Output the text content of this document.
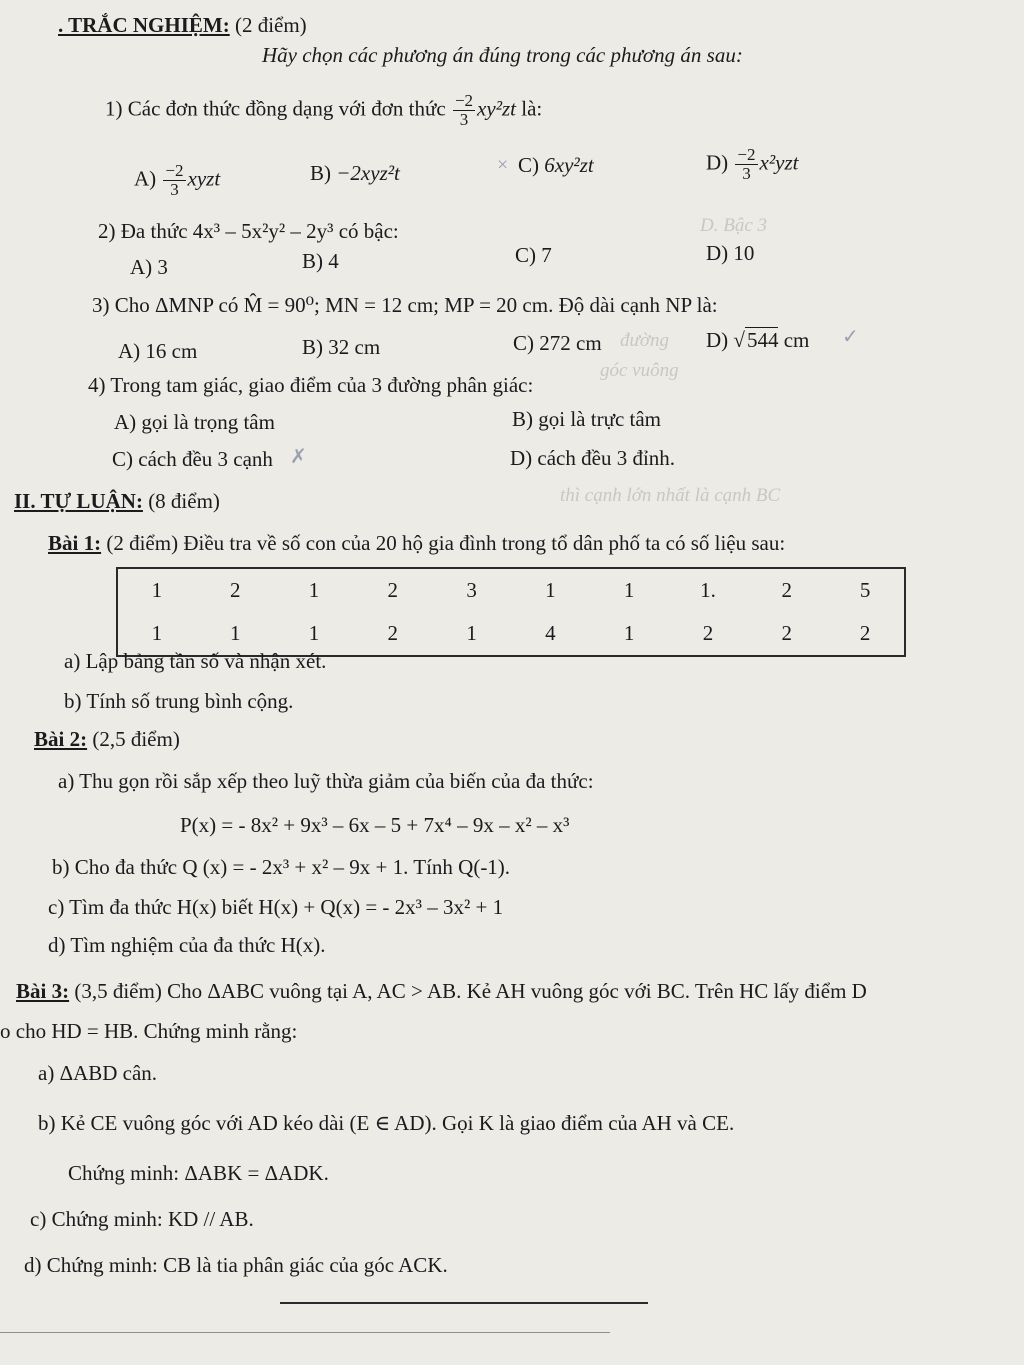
D. Bậc 3
đường
góc vuông
thì cạnh lớn nhất là cạnh BC
. TRẮC NGHIỆM: (2 điểm)
Hãy chọn các phương án đúng trong các phương án sau:
1) Các đơn thức đồng dạng với đơn thức $\frac{-2}{3} xy^2zt$ là:
$A) \frac{-2}{3}$ xyzt	B) −2xyz²t	× C) 6xy²zt	$D) \frac{-2}{3} x^2yzt$
2) Đa thức 4x³ – 5x²y² – 2y³ có bậc:
A) 3	B) 4	C) 7	D) 10
3) Cho ΔMNP có M̂ = 90⁰; MN = 12 cm; MP = 20 cm. Độ dài cạnh NP là:
A) 16 cm	B) 32 cm	C) 272 cm	D) √544 cm ✓
4) Trong tam giác, giao điểm của 3 đường phân giác:
A) gọi là trọng tâm	B) gọi là trực tâm
C) cách đều 3 cạnh ✗	D) cách đều 3 đỉnh.
II. TỰ LUẬN: (8 điểm)
Bài 1: (2 điểm) Điều tra về số con của 20 hộ gia đình trong tổ dân phố ta có số liệu sau:
1	2	1	2	3	1	1	1.	2	5
1	1	1	2	1	4	1	2	2	2
a) Lập bảng tần số và nhận xét.
b) Tính số trung bình cộng.
Bài 2: (2,5 điểm)
a) Thu gọn rồi sắp xếp theo luỹ thừa giảm của biến của đa thức:
P(x) = - 8x² + 9x³ – 6x – 5 + 7x⁴ – 9x – x² – x³
b) Cho đa thức Q (x) = - 2x³ + x² – 9x + 1. Tính Q(-1).
c) Tìm đa thức H(x) biết H(x) + Q(x) = - 2x³ – 3x² + 1
d) Tìm nghiệm của đa thức H(x).
Bài 3: (3,5 điểm) Cho ΔABC vuông tại A, AC > AB. Kẻ AH vuông góc với BC. Trên HC lấy điểm D
o cho HD = HB. Chứng minh rằng:
a) ΔABD cân.
b) Kẻ CE vuông góc với AD kéo dài (E ∈ AD). Gọi K là giao điểm của AH và CE.
Chứng minh: ΔABK = ΔADK.
c) Chứng minh: KD // AB.
d) Chứng minh: CB là tia phân giác của góc ACK.
